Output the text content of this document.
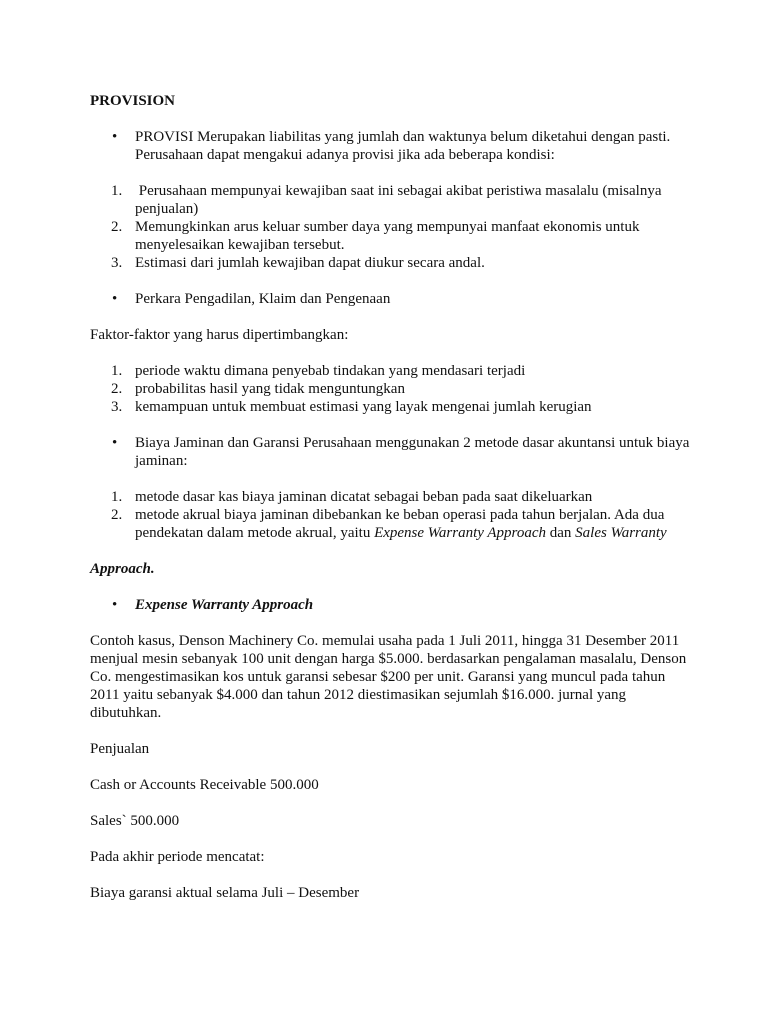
PROVISION
• PROVISI Merupakan liabilitas yang jumlah dan waktunya belum diketahui dengan pasti. Perusahaan dapat mengakui adanya provisi jika ada beberapa kondisi:
1. Perusahaan mempunyai kewajiban saat ini sebagai akibat peristiwa masalalu (misalnya penjualan)
2. Memungkinkan arus keluar sumber daya yang mempunyai manfaat ekonomis untuk menyelesaikan kewajiban tersebut.
3. Estimasi dari jumlah kewajiban dapat diukur secara andal.
• Perkara Pengadilan, Klaim dan Pengenaan
Faktor-faktor yang harus dipertimbangkan:
1. periode waktu dimana penyebab tindakan yang mendasari terjadi
2. probabilitas hasil yang tidak menguntungkan
3. kemampuan untuk membuat estimasi yang layak mengenai jumlah kerugian
• Biaya Jaminan dan Garansi Perusahaan menggunakan 2 metode dasar akuntansi untuk biaya jaminan:
1. metode dasar kas biaya jaminan dicatat sebagai beban pada saat dikeluarkan
2. metode akrual biaya jaminan dibebankan ke beban operasi pada tahun berjalan. Ada dua pendekatan dalam metode akrual, yaitu Expense Warranty Approach dan Sales Warranty
Approach.
• Expense Warranty Approach
Contoh kasus, Denson Machinery Co. memulai usaha pada 1 Juli 2011, hingga 31 Desember 2011 menjual mesin sebanyak 100 unit dengan harga $5.000. berdasarkan pengalaman masalalu, Denson Co. mengestimasikan kos untuk garansi sebesar $200 per unit. Garansi yang muncul pada tahun 2011 yaitu sebanyak $4.000 dan tahun 2012 diestimasikan sejumlah $16.000. jurnal yang dibutuhkan.
Penjualan
Cash or Accounts Receivable 500.000
Sales` 500.000
Pada akhir periode mencatat:
Biaya garansi aktual selama Juli – Desember
